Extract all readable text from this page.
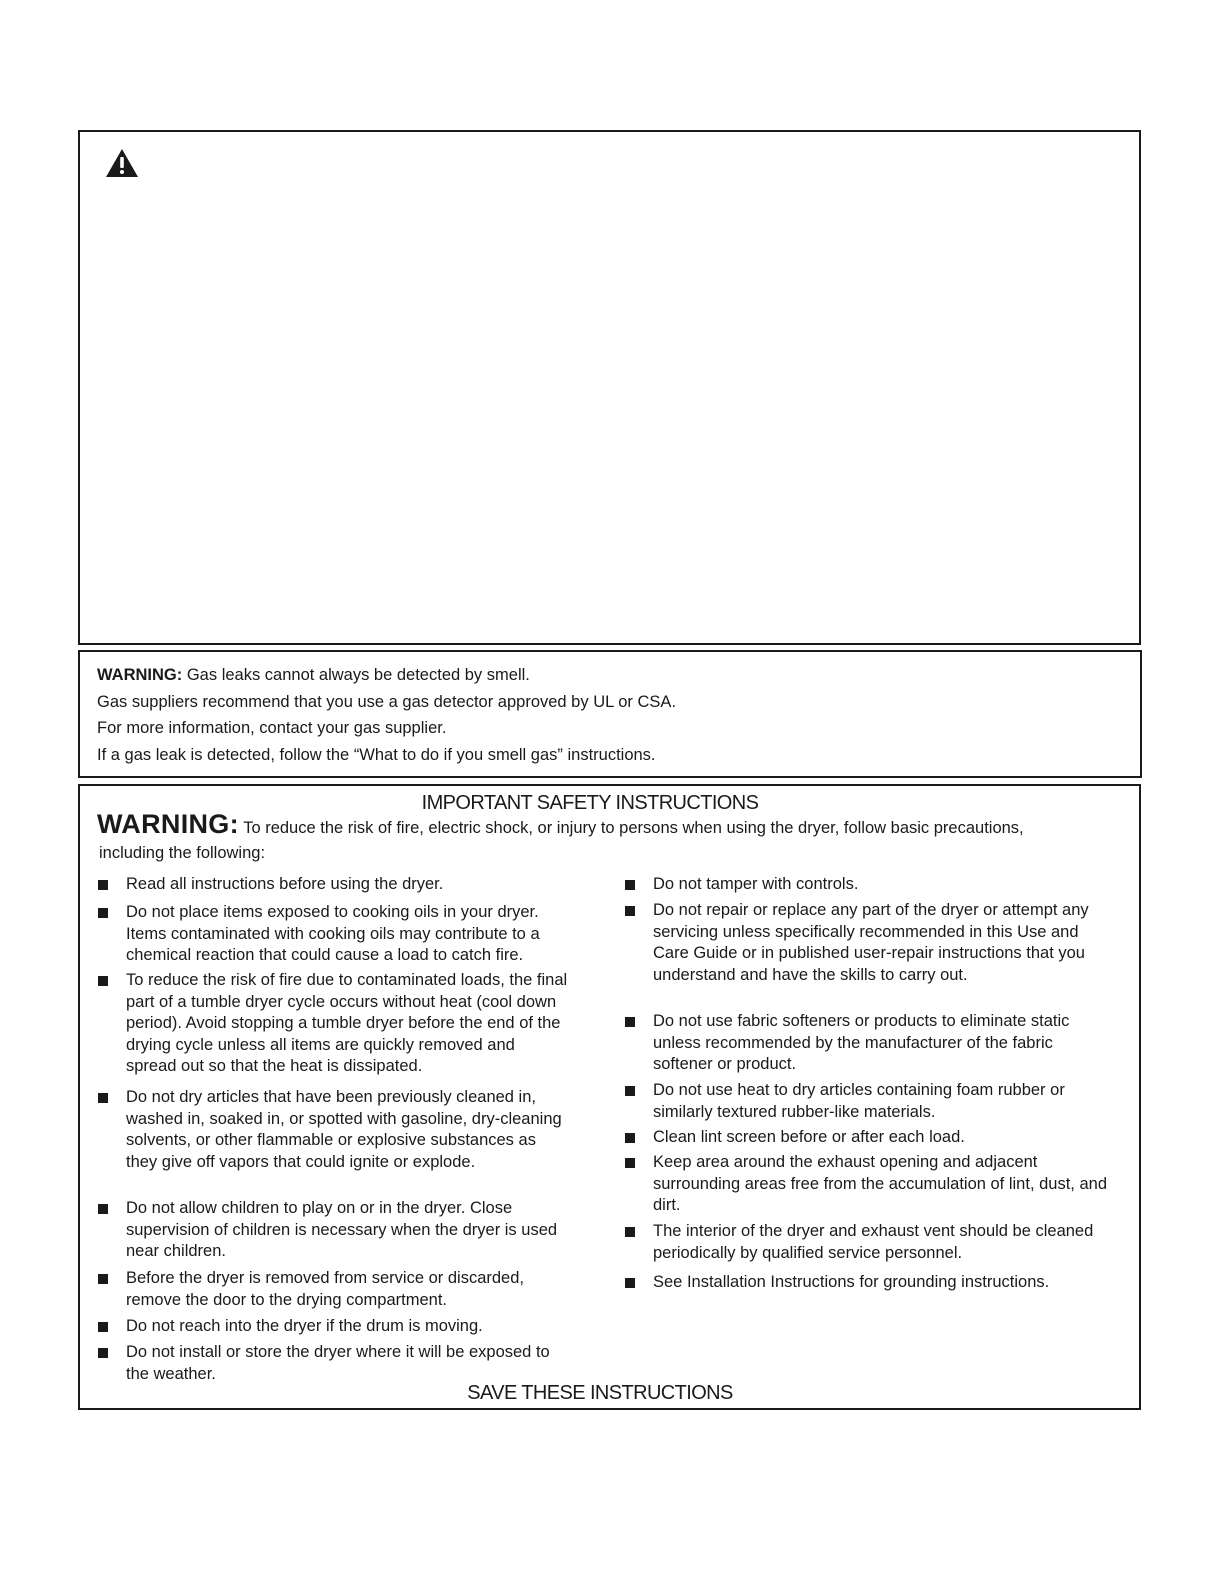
WARNING: Gas leaks cannot always be detected by smell.
Gas suppliers recommend that you use a gas detector approved by UL or CSA.
For more information, contact your gas supplier.
If a gas leak is detected, follow the “What to do if you smell gas” instructions.
IMPORTANT SAFETY INSTRUCTIONS
WARNING: To reduce the risk of fire, electric shock, or injury to persons when using the dryer, follow basic precautions,
including the following:
Read all instructions before using the dryer.
Do not place items exposed to cooking oils in your dryer. Items contaminated with cooking oils may contribute to a chemical reaction that could cause a load to catch fire.
To reduce the risk of fire due to contaminated loads, the final part of a tumble dryer cycle occurs without heat (cool down period). Avoid stopping a tumble dryer before the end of the drying cycle unless all items are quickly removed and spread out so that the heat is dissipated.
Do not dry articles that have been previously cleaned in, washed in, soaked in, or spotted with gasoline, dry-cleaning solvents, or other flammable or explosive substances as they give off vapors that could ignite or explode.
Do not allow children to play on or in the dryer. Close supervision of children is necessary when the dryer is used near children.
Before the dryer is removed from service or discarded, remove the door to the drying compartment.
Do not reach into the dryer if the drum is moving.
Do not install or store the dryer where it will be exposed to the weather.
Do not tamper with controls.
Do not repair or replace any part of the dryer or attempt any servicing unless specifically recommended in this Use and Care Guide or in published user-repair instructions that you understand and have the skills to carry out.
Do not use fabric softeners or products to eliminate static unless recommended by the manufacturer of the fabric softener or product.
Do not use heat to dry articles containing foam rubber or similarly textured rubber-like materials.
Clean lint screen before or after each load.
Keep area around the exhaust opening and adjacent surrounding areas free from the accumulation of lint, dust, and dirt.
The interior of the dryer and exhaust vent should be cleaned periodically by qualified service personnel.
See Installation Instructions for grounding instructions.
SAVE THESE INSTRUCTIONS
